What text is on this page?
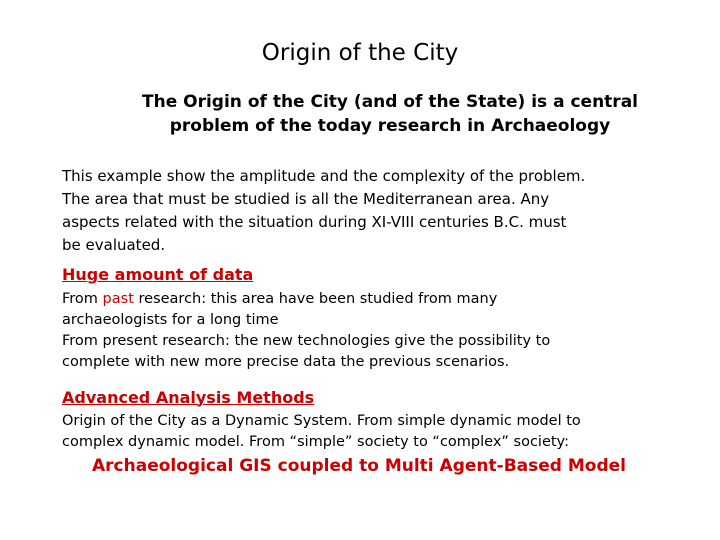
Origin of the City
The Origin of the City (and of the State) is a central
problem of the today research in Archaeology
This example show the amplitude and the complexity of the problem.
The area that must be studied is all the Mediterranean area. Any
aspects related with the situation during XI-VIII centuries B.C. must
be evaluated.
Huge amount of data
From past research: this area have been studied from many
archaeologists for a long time
From present research: the new technologies give the possibility to
complete with new more precise data the previous scenarios.
Advanced Analysis Methods
Origin of the City as a Dynamic System. From simple dynamic model to
complex dynamic model. From “simple” society to “complex” society:
Archaeological GIS coupled to Multi Agent-Based Model
